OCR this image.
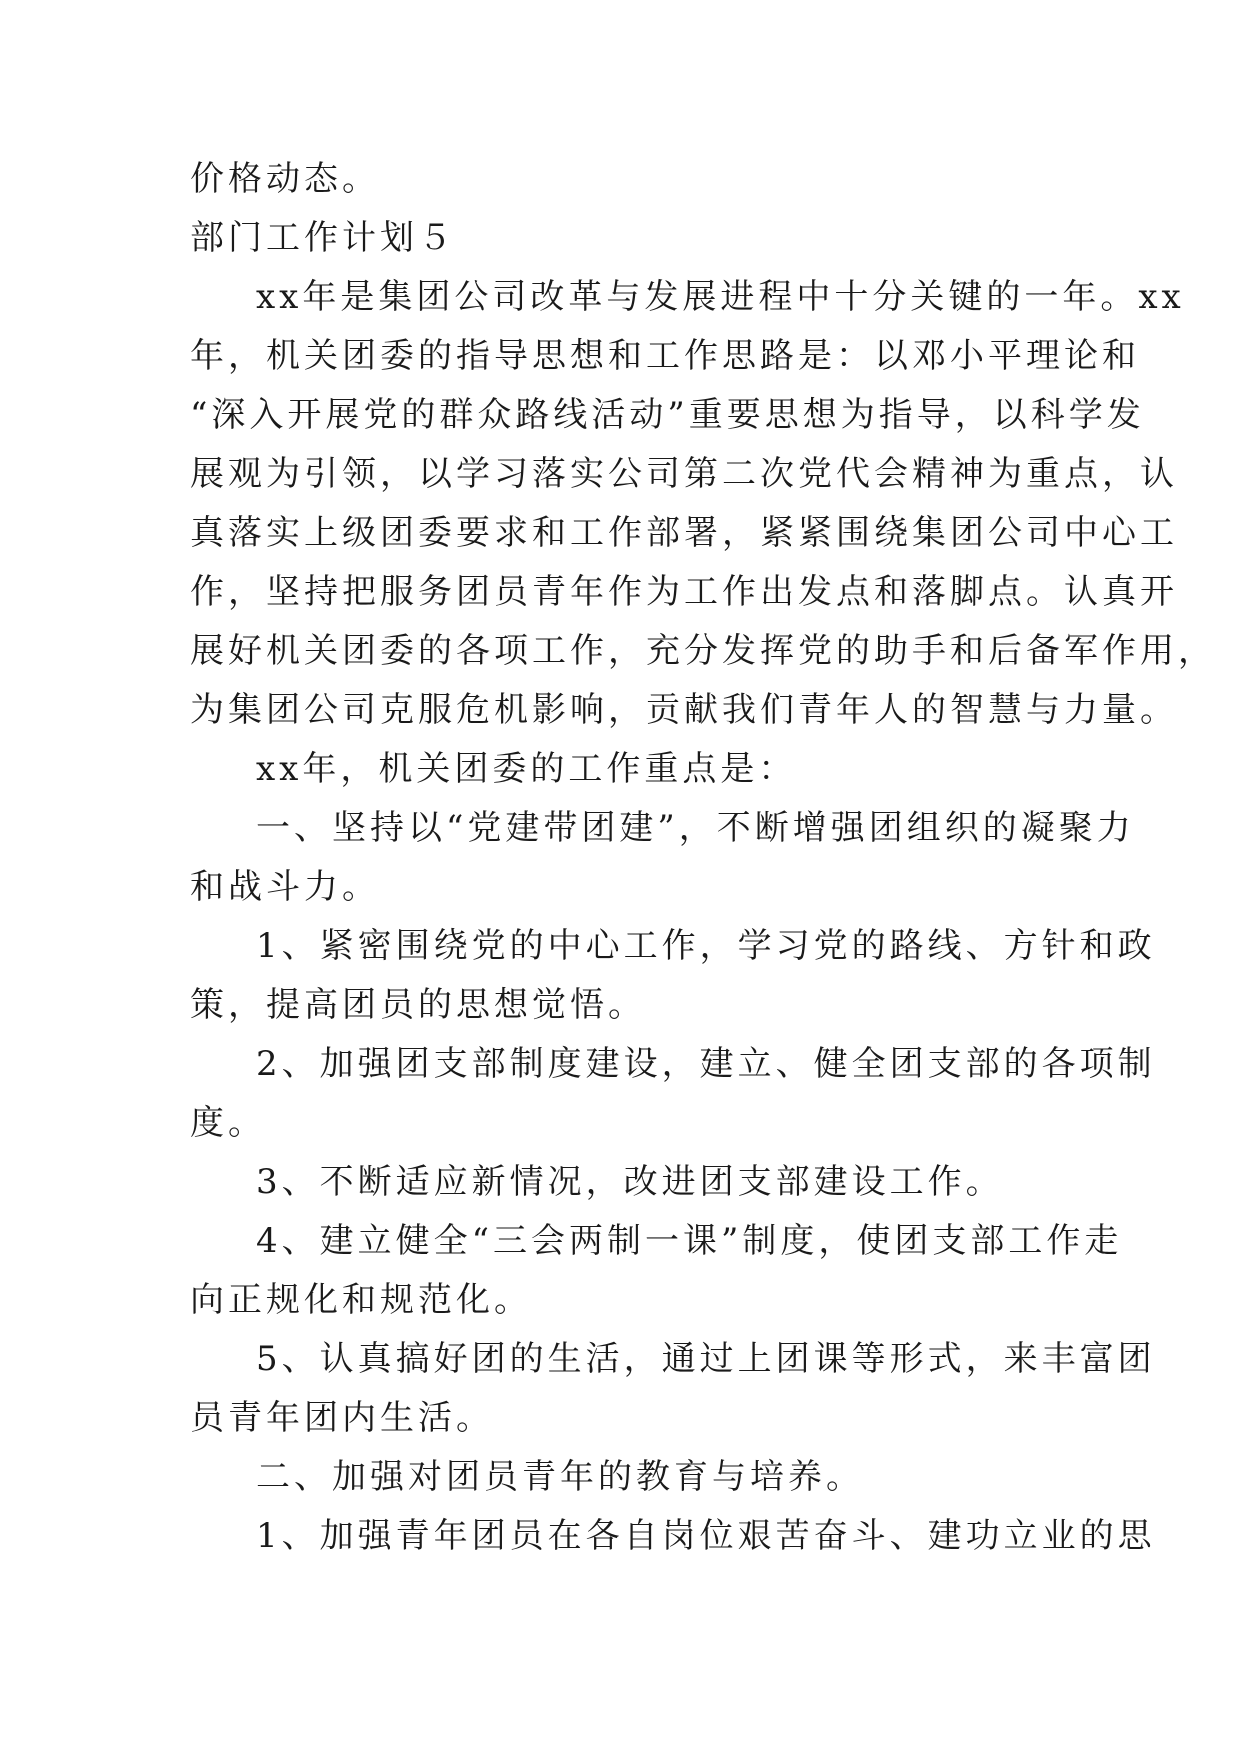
价格动态。

部门工作计划５

xx年是集团公司改革与发展进程中十分关键的一年。xx

年，机关团委的指导思想和工作思路是：以邓小平理论和

“深入开展党的群众路线活动”重要思想为指导，以科学发

展观为引领，以学习落实公司第二次党代会精神为重点，认

真落实上级团委要求和工作部署，紧紧围绕集团公司中心工

作，坚持把服务团员青年作为工作出发点和落脚点。认真开

展好机关团委的各项工作，充分发挥党的助手和后备军作用，

为集团公司克服危机影响，贡献我们青年人的智慧与力量。

xx年，机关团委的工作重点是：

一、坚持以“党建带团建”，不断增强团组织的凝聚力

和战斗力。

1、紧密围绕党的中心工作，学习党的路线、方针和政

策，提高团员的思想觉悟。

2、加强团支部制度建设，建立、健全团支部的各项制

度。

3、不断适应新情况，改进团支部建设工作。

4、建立健全“三会两制一课”制度，使团支部工作走

向正规化和规范化。

5、认真搞好团的生活，通过上团课等形式，来丰富团

员青年团内生活。

二、加强对团员青年的教育与培养。

1、加强青年团员在各自岗位艰苦奋斗、建功立业的思
